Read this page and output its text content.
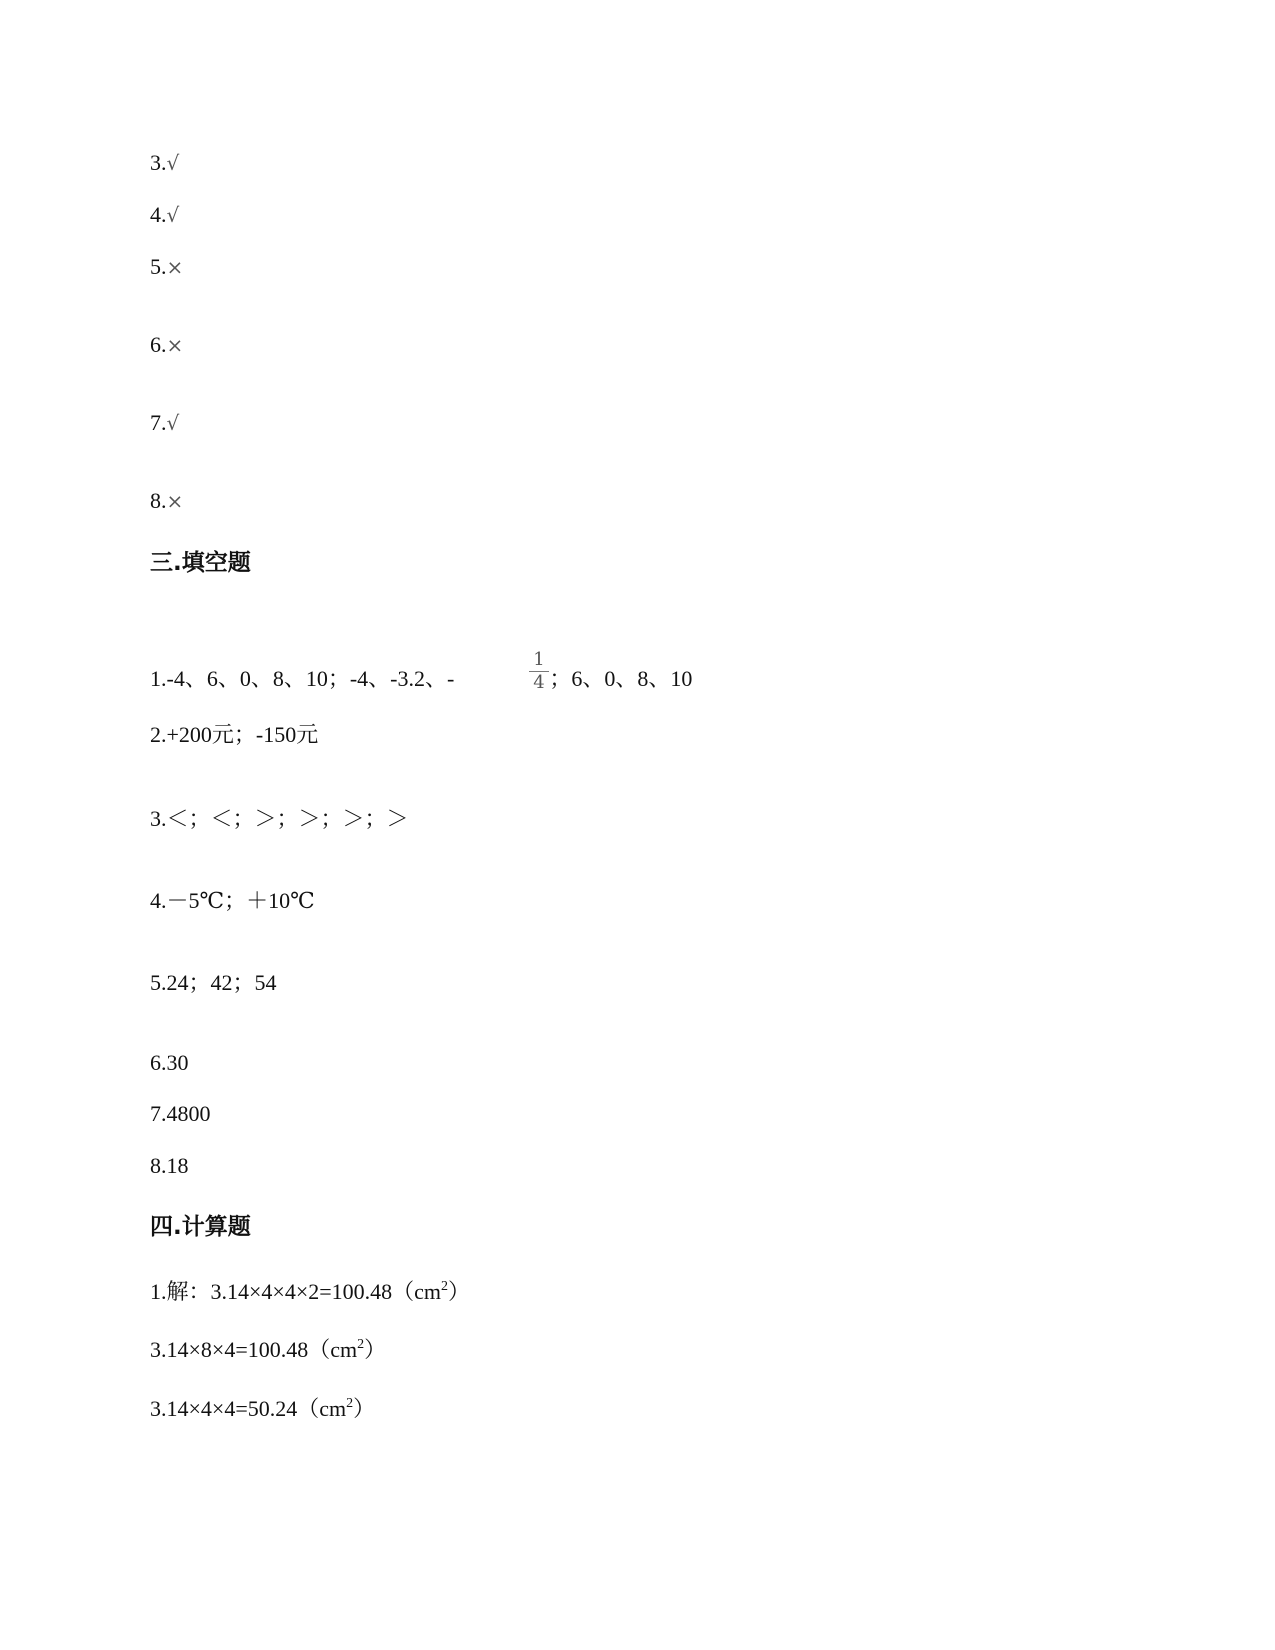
3.√
4.√
5.×
6.×
7.√
8.×
三.填空题
1.-4、6、0、8、10；-4、-3.2、-	；6、0、8、10
1
4
2.+200元；-150元
3.＜；＜；＞；＞；＞；＞
4.－5℃；＋10℃
5.24；42；54
6.30
7.4800
8.18
四.计算题
1.解：$3.14\times 4\times 4\times 2=100.48(cm^2)$
$3.14\times 8\times 4=100.48(cm^2)$
$3.14\times 4\times 4=50.24(cm^2)$
